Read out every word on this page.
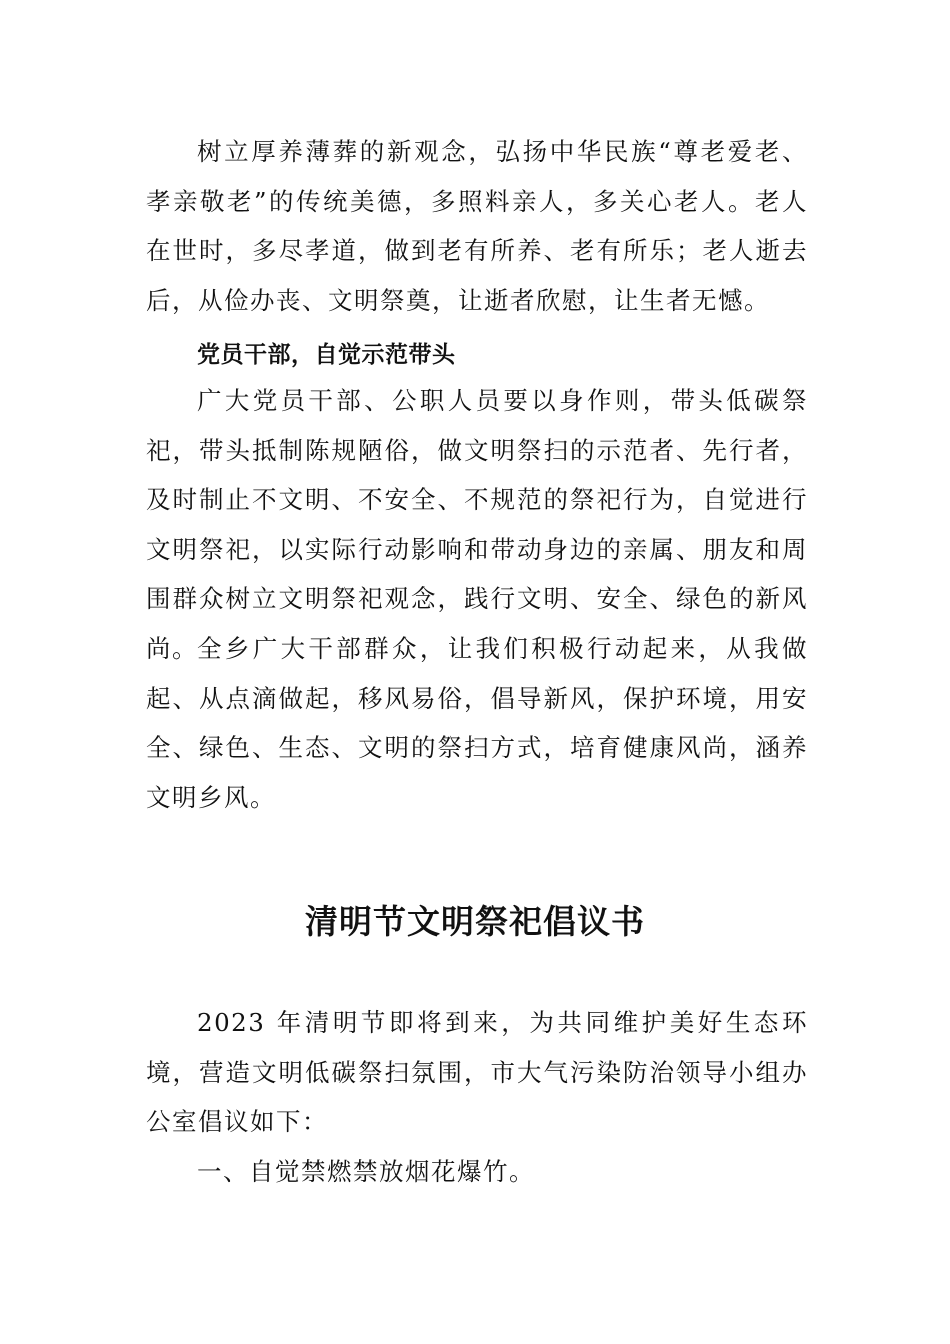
树立厚养薄葬的新观念，弘扬中华民族“尊老爱老、孝亲敬老”的传统美德，多照料亲人，多关心老人。老人在世时，多尽孝道，做到老有所养、老有所乐；老人逝去后，从俭办丧、文明祭奠，让逝者欣慰，让生者无憾。

党员干部，自觉示范带头

广大党员干部、公职人员要以身作则，带头低碳祭祀，带头抵制陈规陋俗，做文明祭扫的示范者、先行者，及时制止不文明、不安全、不规范的祭祀行为，自觉进行文明祭祀，以实际行动影响和带动身边的亲属、朋友和周围群众树立文明祭祀观念，践行文明、安全、绿色的新风尚。 全乡广大干部群众，让我们积极行动起来，从我做起、从点滴做起，移风易俗，倡导新风，保护环境，用安全、绿色、生态、文明的祭扫方式，培育健康风尚，涵养文明乡风。

清明节文明祭祀倡议书

2023 年清明节即将到来，为共同维护美好生态环境，营造文明低碳祭扫氛围，市大气污染防治领导小组办公室倡议如下：

一、自觉禁燃禁放烟花爆竹。
